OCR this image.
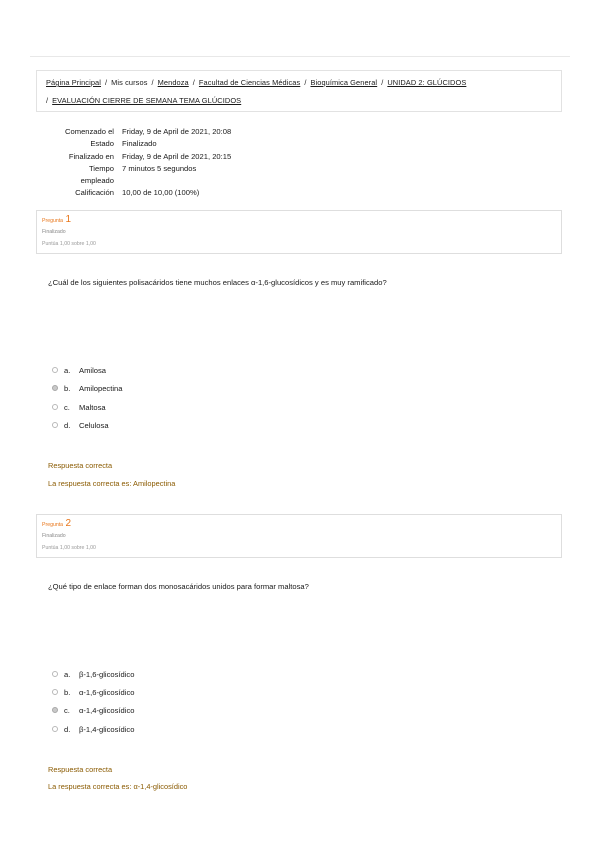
Página Principal / Mis cursos / Mendoza / Facultad de Ciencias Médicas / Bioquímica General / UNIDAD 2: GLÚCIDOS
/ EVALUACIÓN CIERRE DE SEMANA TEMA GLÚCIDOS
Comenzado el Friday, 9 de April de 2021, 20:08
Estado Finalizado
Finalizado en Friday, 9 de April de 2021, 20:15
Tiempo 7 minutos 5 segundos
empleado
Calificación 10,00 de 10,00 (100%)
Pregunta 1
Finalizado
Puntúa 1,00 sobre 1,00
¿Cuál de los siguientes polisacáridos tiene muchos enlaces α-1,6-glucosídicos y es muy ramificado?
a. Amilosa
b. Amilopectina
c. Maltosa
d. Celulosa
Respuesta correcta
La respuesta correcta es: Amilopectina
Pregunta 2
Finalizado
Puntúa 1,00 sobre 1,00
¿Qué tipo de enlace forman dos monosacáridos unidos para formar maltosa?
a. β-1,6-glicosídico
b. α-1,6-glicosídico
c. α-1,4-glicosídico
d. β-1,4-glicosídico
Respuesta correcta
La respuesta correcta es: α-1,4-glicosídico
